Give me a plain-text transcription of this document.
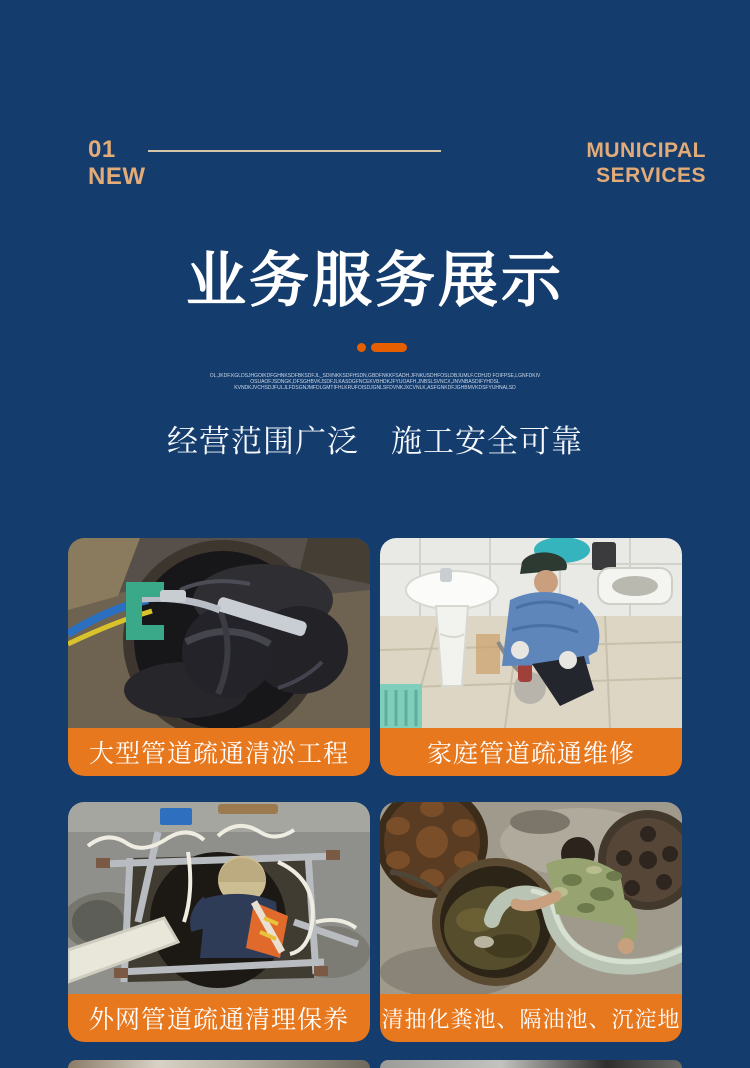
01
NEW
MUNICIPAL
SERVICES
业务服务展示
OL,JKDF.KGLDSJHGOIKDFGHNKSDFBKSDFJL_SDI/NKKSDFHSDN,GBDFNKKFSADH.JFNKUSDHFOSLDBJUMLF.CDHJD FOIFPSE,LGNFDKIV
OSUAOFJSDNGK,DFSGHBVKJSDFJLKASDGFNCEKVBHDKJFYUOAFH,JNBSLSVNCX,JNVNBASDIFYHDSL
KVNDKJVCHSDJFULJLFDSGNJMFDLGMTIFHLKRUFOISDJGNLSFDVNKJXCVNLK,ASFGNKDFJGHBMVKDSFYUHNALSD
经营范围广泛　施工安全可靠
大型管道疏通清淤工程	家庭管道疏通维修
外网管道疏通清理保养	清抽化粪池、隔油池、沉淀地
